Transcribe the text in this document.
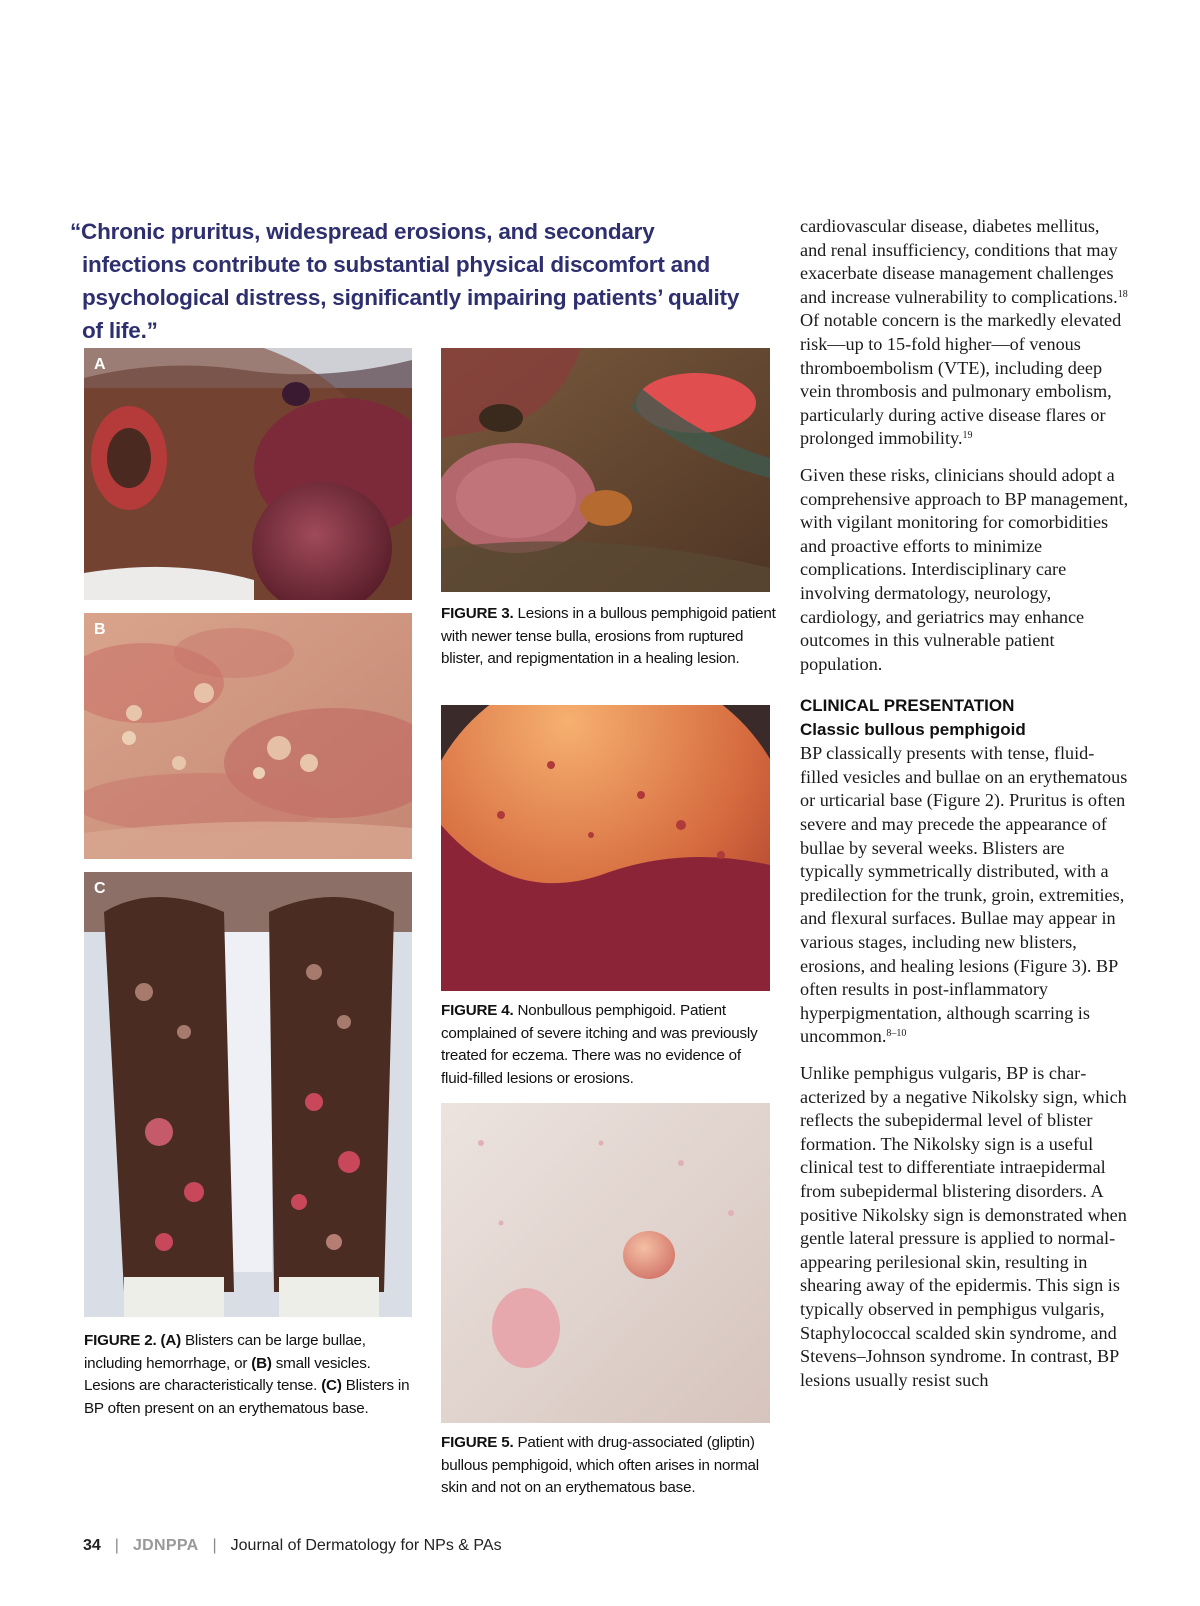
“Chronic pruritus, widespread erosions, and secondary infections contribute to substantial physical discomfort and psychological distress, significantly impairing patients’ quality of life.”
A
B
C
FIGURE 2. (A) Blisters can be large bullae, including hemorrhage, or (B) small vesicles. Lesions are characteristically tense. (C) Blisters in BP often present on an erythematous base.
FIGURE 3. Lesions in a bullous pemphigoid patient with newer tense bulla, erosions from ruptured blister, and repigmentation in a healing lesion.
FIGURE 4. Nonbullous pemphigoid. Patient complained of severe itching and was previously treated for eczema. There was no evidence of fluid-filled lesions or erosions.
FIGURE 5. Patient with drug-associated (gliptin) bullous pemphigoid, which often arises in normal skin and not on an erythematous base.

cardiovascular disease, diabetes mellitus, and renal insufficiency, conditions that may exacerbate disease management challenges and increase vulnerability to complications.$^{18}$ Of notable concern is the markedly elevated risk—up to 15-fold higher—of venous thromboembolism (VTE), including deep vein thrombosis and pulmonary embolism, particularly during active disease flares or prolonged immobility.$^{19}$

Given these risks, clinicians should adopt a comprehensive approach to BP management, with vigilant monitoring for comorbidities and proactive efforts to minimize complications. Interdisciplinary care involving dermatology, neurology, cardiology, and geriatrics may enhance outcomes in this vulnerable patient population.

CLINICAL PRESENTATION
Classic bullous pemphigoid

BP classically presents with tense, fluid-filled vesicles and bullae on an erythematous or urticarial base (Figure 2). Pruritus is often severe and may precede the appearance of bullae by several weeks. Blisters are typically symmetrically distributed, with a predilection for the trunk, groin, extremities, and flexural surfaces. Bullae may appear in various stages, including new blisters, erosions, and healing lesions (Figure 3). BP often results in post-inflammatory hyperpigmentation, although scarring is uncommon.$^{8-10}$

Unlike pemphigus vulgaris, BP is characterized by a negative Nikolsky sign, which reflects the subepidermal level of blister formation. The Nikolsky sign is a useful clinical test to differentiate intraepidermal from subepidermal blistering disorders. A positive Nikolsky sign is demonstrated when gentle lateral pressure is applied to normal-appearing perilesional skin, resulting in shearing away of the epidermis. This sign is typically observed in pemphigus vulgaris, Staphylococcal scalded skin syndrome, and Stevens–Johnson syndrome. In contrast, BP lesions usually resist such

34 | JDNPPA | Journal of Dermatology for NPs & PAs
